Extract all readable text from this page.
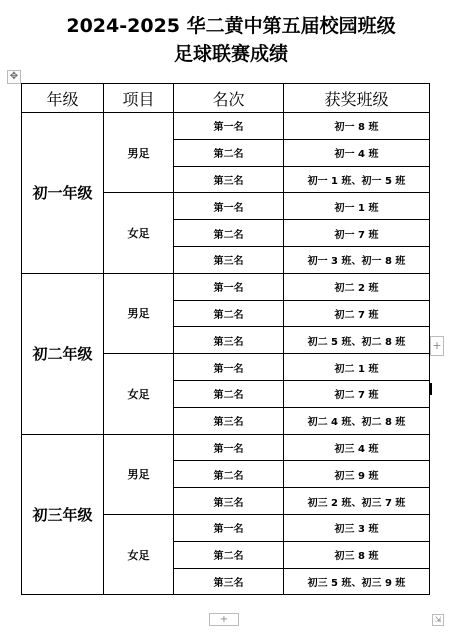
2024-2025 华二黄中第五届校园班级
足球联赛成绩
✥
年级	项目	名次	获奖班级
初一年级	男足	第一名	初一 8 班
		第二名	初一 4 班
		第三名	初一 1 班、初一 5 班
	女足	第一名	初一 1 班
		第二名	初一 7 班
		第三名	初一 3 班、初一 8 班
初二年级	男足	第一名	初二 2 班
		第二名	初二 7 班
		第三名	初二 5 班、初二 8 班
	女足	第一名	初二 1 班
		第二名	初二 7 班
		第三名	初二 4 班、初二 8 班
初三年级	男足	第一名	初三 4 班
		第二名	初三 9 班
		第三名	初三 2 班、初三 7 班
	女足	第一名	初三 3 班
		第二名	初三 8 班
		第三名	初三 5 班、初三 9 班
+
+	⇲
